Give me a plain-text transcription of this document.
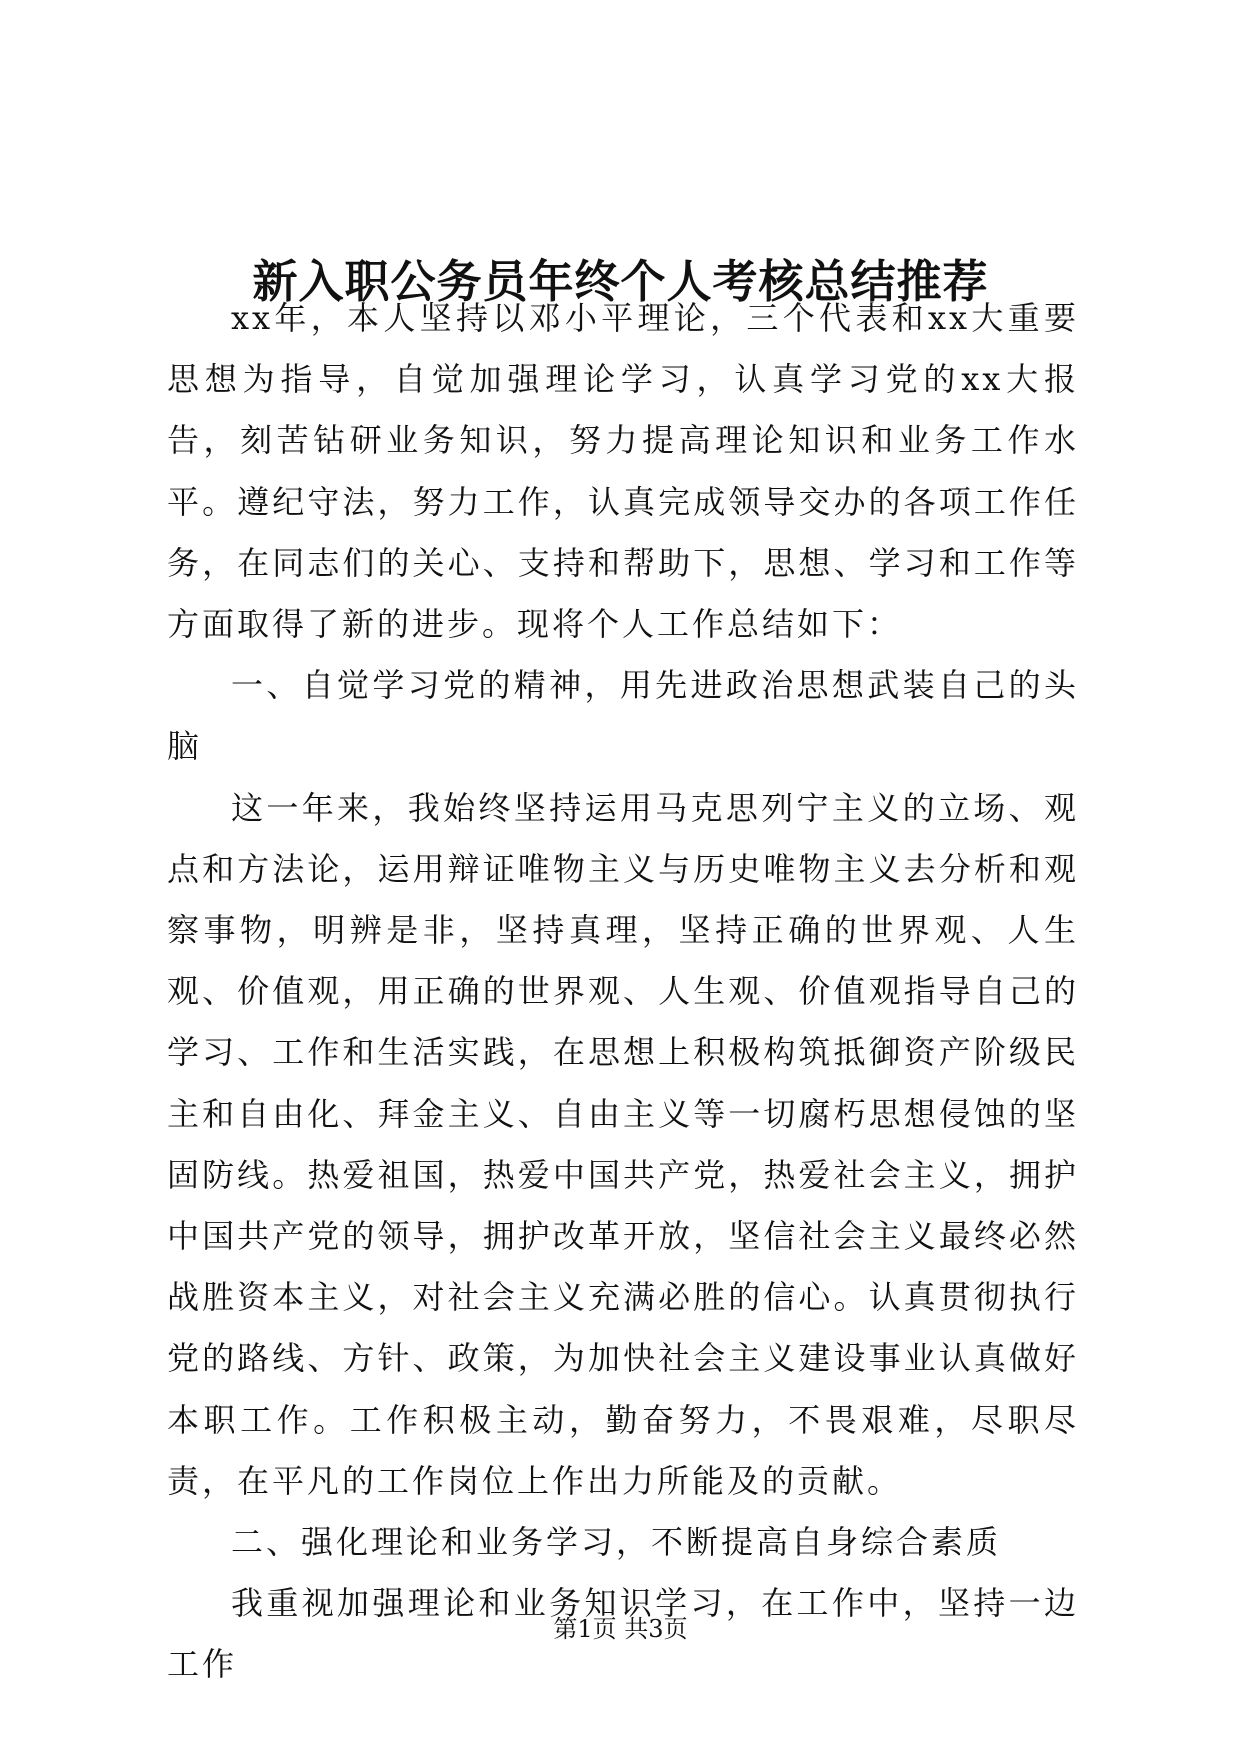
新入职公务员年终个人考核总结推荐

xx年，本人坚持以邓小平理论，三个代表和xx大重要思想为指导，自觉加强理论学习，认真学习党的xx大报告，刻苦钻研业务知识，努力提高理论知识和业务工作水平。遵纪守法，努力工作，认真完成领导交办的各项工作任务，在同志们的关心、支持和帮助下，思想、学习和工作等方面取得了新的进步。现将个人工作总结如下：

一、自觉学习党的精神，用先进政治思想武装自己的头脑

这一年来，我始终坚持运用马克思列宁主义的立场、观点和方法论，运用辩证唯物主义与历史唯物主义去分析和观察事物，明辨是非，坚持真理，坚持正确的世界观、人生观、价值观，用正确的世界观、人生观、价值观指导自己的学习、工作和生活实践，在思想上积极构筑抵御资产阶级民主和自由化、拜金主义、自由主义等一切腐朽思想侵蚀的坚固防线。热爱祖国，热爱中国共产党，热爱社会主义，拥护中国共产党的领导，拥护改革开放，坚信社会主义最终必然战胜资本主义，对社会主义充满必胜的信心。认真贯彻执行党的路线、方针、政策，为加快社会主义建设事业认真做好本职工作。工作积极主动，勤奋努力，不畏艰难，尽职尽责，在平凡的工作岗位上作出力所能及的贡献。

二、强化理论和业务学习，不断提高自身综合素质

我重视加强理论和业务知识学习，在工作中，坚持一边工作

第1页 共3页
